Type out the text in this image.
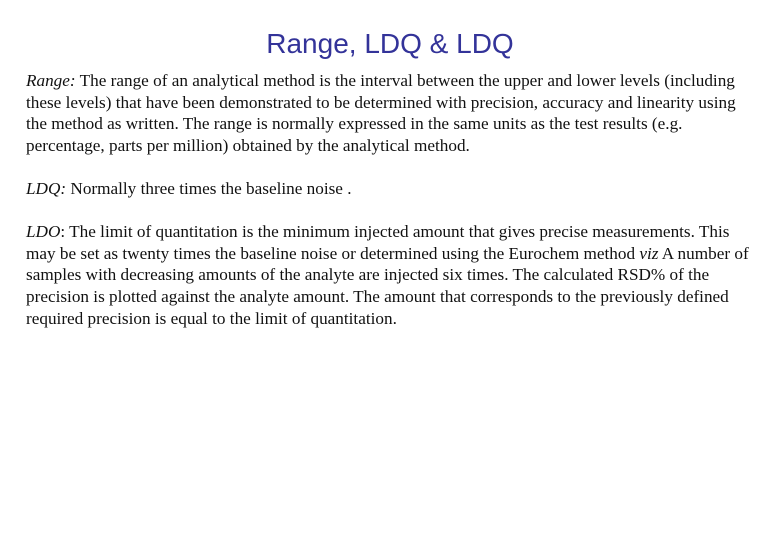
Range, LDQ & LDQ

Range: The range of an analytical method is the interval between the upper and lower levels (including these levels) that have been demonstrated to be determined with precision, accuracy and linearity using the method as written. The range is normally expressed in the same units as the test results (e.g. percentage, parts per million) obtained by the analytical method.

LDQ: Normally three times the baseline noise .

LDO: The limit of quantitation is the minimum injected amount that gives precise measurements. This may be set as twenty times the baseline noise or determined using the Eurochem method viz A number of samples with decreasing amounts of the analyte are injected six times. The calculated RSD% of the precision is plotted against the analyte amount. The amount that corresponds to the previously defined required precision is equal to the limit of quantitation.
